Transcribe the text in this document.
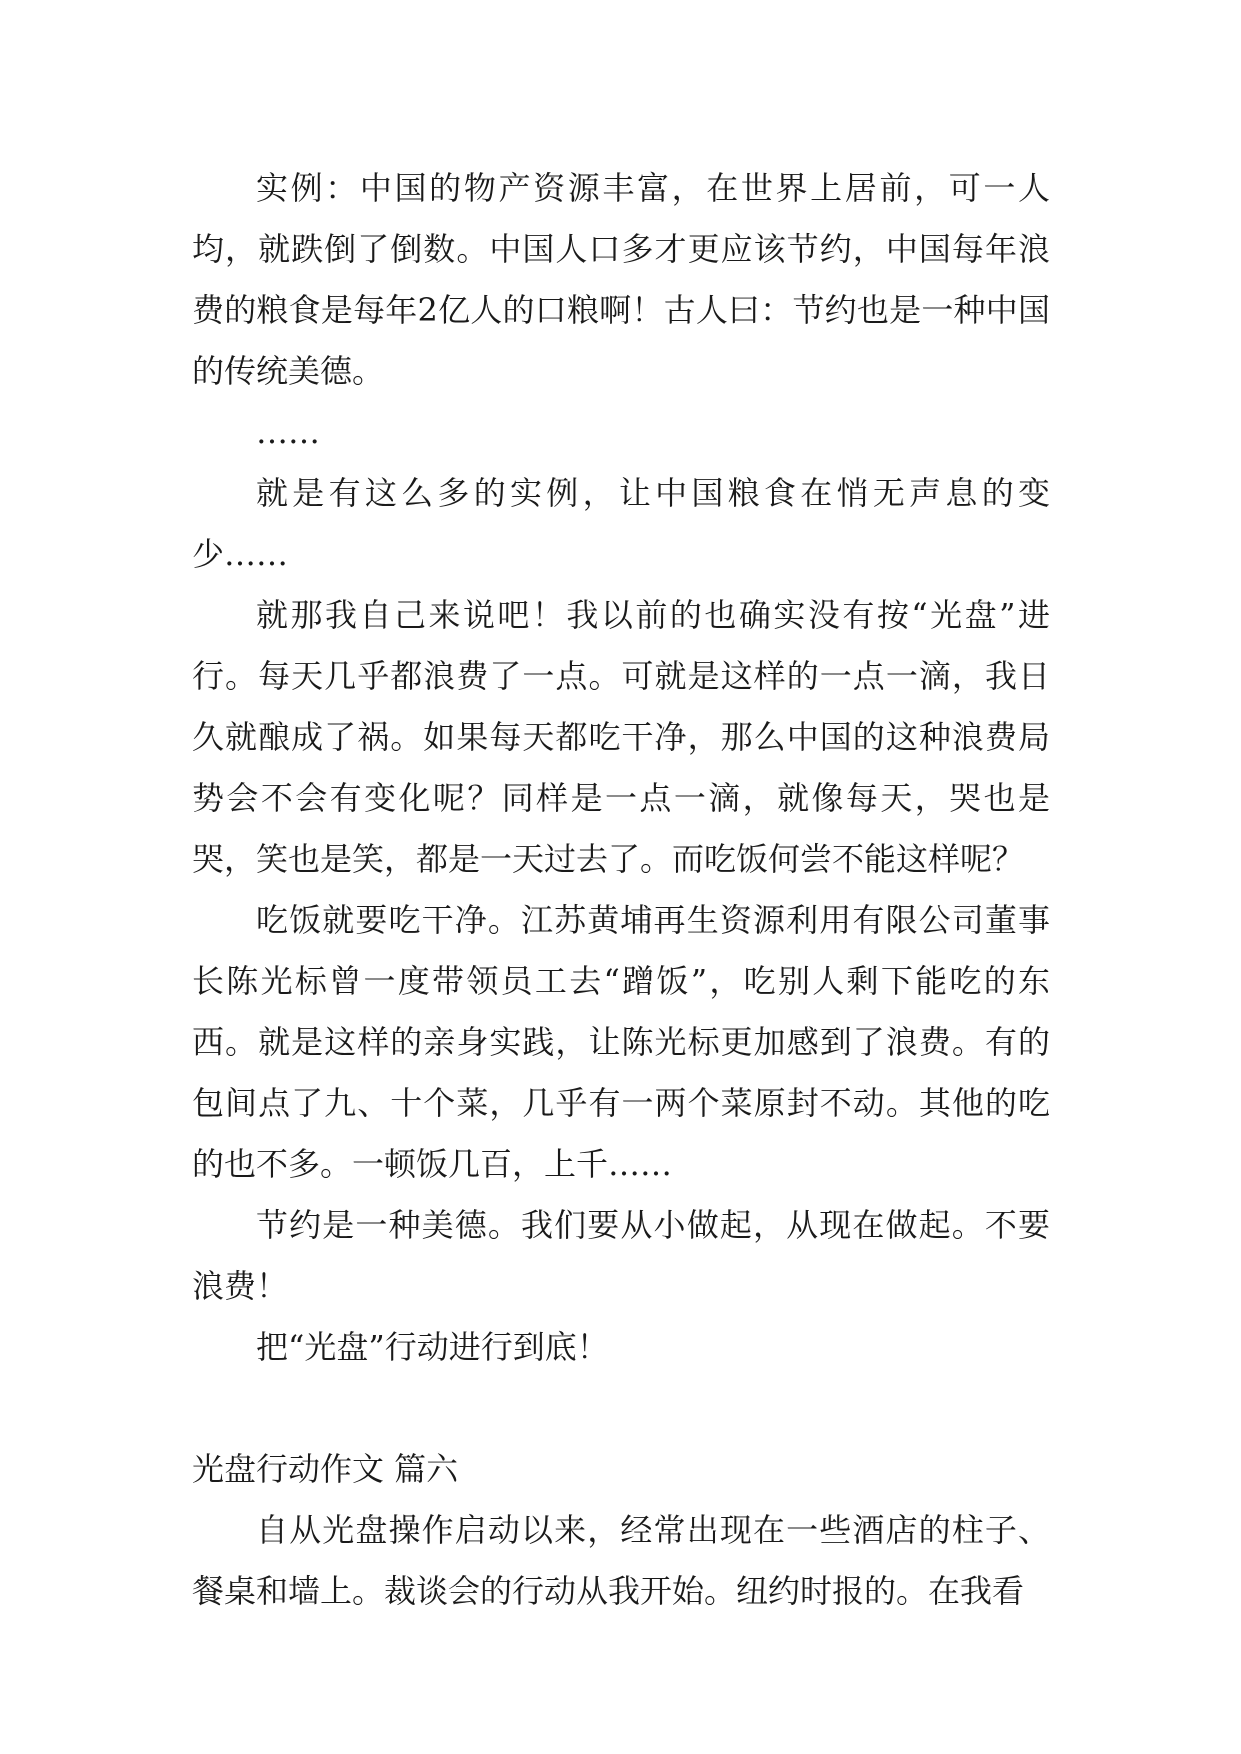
实例：中国的物产资源丰富，在世界上居前，可一人均，就跌倒了倒数。中国人口多才更应该节约，中国每年浪费的粮食是每年2亿人的口粮啊！古人曰：节约也是一种中国的传统美德。

……

就是有这么多的实例，让中国粮食在悄无声息的变少……

就那我自己来说吧！我以前的也确实没有按“光盘”进行。每天几乎都浪费了一点。可就是这样的一点一滴，我日久就酿成了祸。如果每天都吃干净，那么中国的这种浪费局势会不会有变化呢？同样是一点一滴，就像每天，哭也是哭，笑也是笑，都是一天过去了。而吃饭何尝不能这样呢？

吃饭就要吃干净。江苏黄埔再生资源利用有限公司董事长陈光标曾一度带领员工去“蹭饭”，吃别人剩下能吃的东西。就是这样的亲身实践，让陈光标更加感到了浪费。有的包间点了九、十个菜，几乎有一两个菜原封不动。其他的吃的也不多。一顿饭几百，上千……

节约是一种美德。我们要从小做起，从现在做起。不要浪费！

把“光盘”行动进行到底！

光盘行动作文 篇六

自从光盘操作启动以来，经常出现在一些酒店的柱子、餐桌和墙上。裁谈会的行动从我开始。纽约时报的。在我看
